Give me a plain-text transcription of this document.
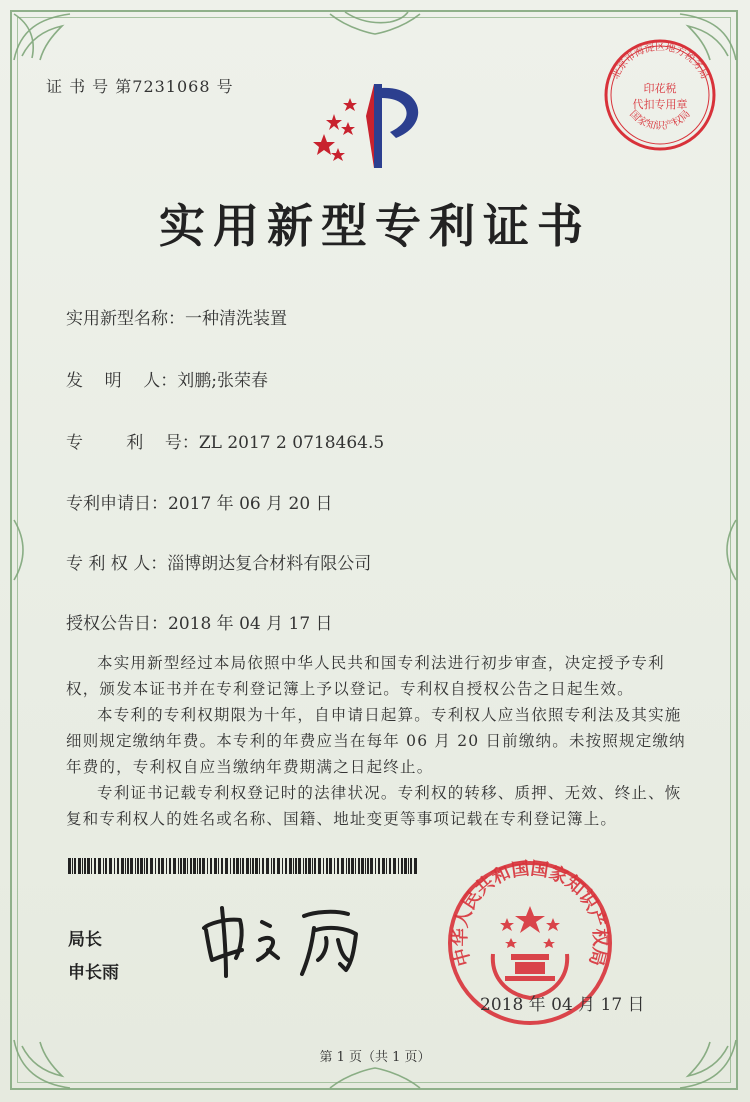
证 书 号 第7231068 号
北京市海淀区地方税务局
印花税
代扣专用章
国家知识产权局
实用新型专利证书
实用新型名称：一种清洗装置
发    明    人：刘鹏;张荣春
专        利    号：ZL 2017 2 0718464.5
专利申请日：2017 年 06 月 20 日
专 利 权 人：淄博朗达复合材料有限公司
授权公告日：2018 年 04 月 17 日

本实用新型经过本局依照中华人民共和国专利法进行初步审查，决定授予专利权，颁发本证书并在专利登记簿上予以登记。专利权自授权公告之日起生效。

本专利的专利权期限为十年，自申请日起算。专利权人应当依照专利法及其实施细则规定缴纳年费。本专利的年费应当在每年 06 月 20 日前缴纳。未按照规定缴纳年费的，专利权自应当缴纳年费期满之日起终止。

专利证书记载专利权登记时的法律状况。专利权的转移、质押、无效、终止、恢复和专利权人的姓名或名称、国籍、地址变更等事项记载在专利登记簿上。

局长
申长雨
中华人民共和国国家知识产权局
2018 年 04 月 17 日
第 1 页（共 1 页）
